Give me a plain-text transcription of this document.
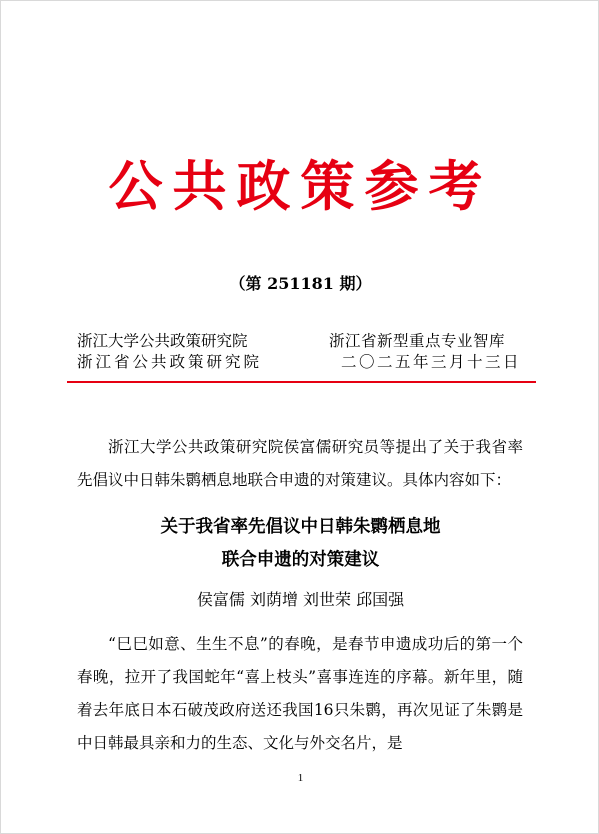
公共政策参考
（第 251181 期）
浙江大学公共政策研究院
浙江省公共政策研究院
浙江省新型重点专业智库
二〇二五年三月十三日
浙江大学公共政策研究院侯富儒研究员等提出了关于我省率先倡议中日韩朱鹮栖息地联合申遗的对策建议。具体内容如下：
关于我省率先倡议中日韩朱鹮栖息地
联合申遗的对策建议
侯富儒 刘荫增 刘世荣 邱国强
“巳巳如意、生生不息”的春晚，是春节申遗成功后的第一个春晚，拉开了我国蛇年“喜上枝头”喜事连连的序幕。新年里，随着去年底日本石破茂政府送还我国16只朱鹮，再次见证了朱鹮是中日韩最具亲和力的生态、文化与外交名片，是
1
